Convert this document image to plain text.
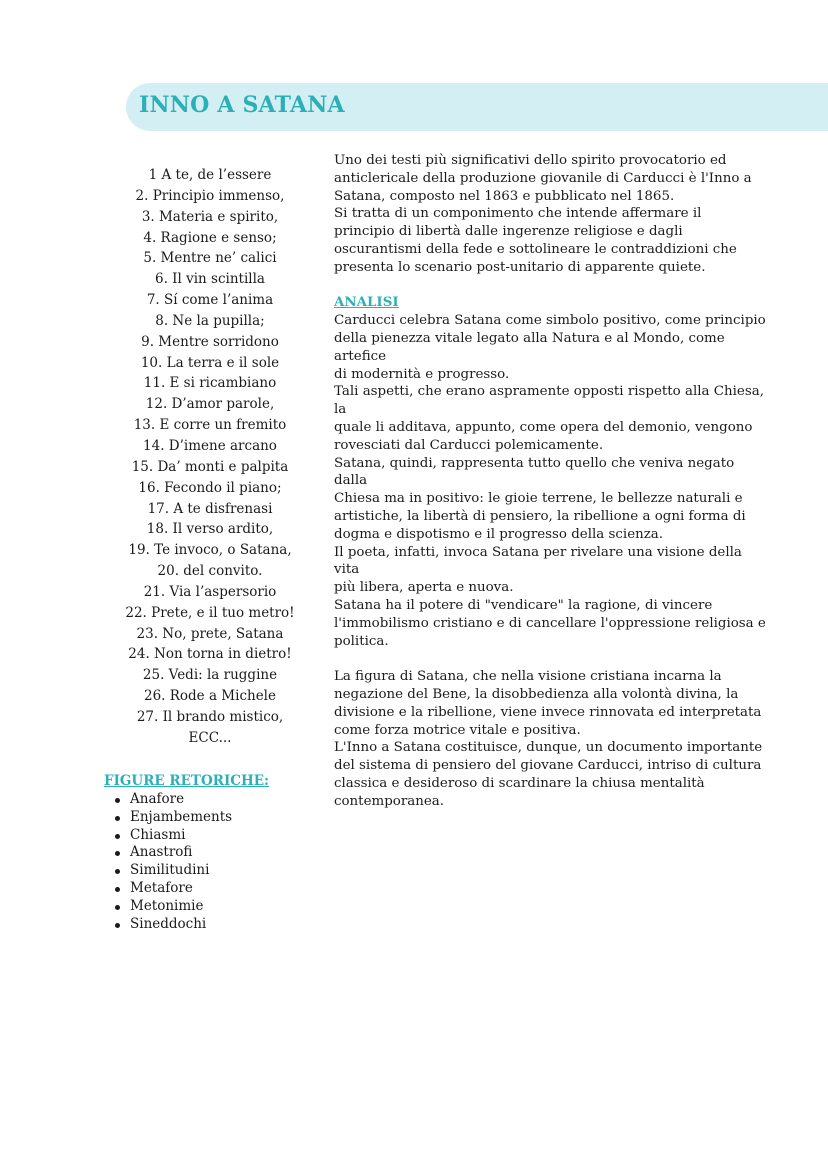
INNO A SATANA
1 A te, de l’essere
2. Principio immenso,
3. Materia e spirito,
4. Ragione e senso;
5. Mentre ne’ calici
6. Il vin scintilla
7. Sí come l’anima
8. Ne la pupilla;
9. Mentre sorridono
10. La terra e il sole
11. E si ricambiano
12. D’amor parole,
13. E corre un fremito
14. D’imene arcano
15. Da’ monti e palpita
16. Fecondo il piano;
17. A te disfrenasi
18. Il verso ardito,
19. Te invoco, o Satana,
20. del convito.
21. Via l’aspersorio
22. Prete, e il tuo metro!
23. No, prete, Satana
24. Non torna in dietro!
25. Vedi: la ruggine
26. Rode a Michele
27. Il brando mistico,
ECC...
FIGURE RETORICHE:
Anafore
Enjambements
Chiasmi
Anastrofi
Similitudini
Metafore
Metonimie
Sineddochi

Uno dei testi più significativi dello spirito provocatorio ed

anticlericale della produzione giovanile di Carducci è l'Inno a

Satana, composto nel 1863 e pubblicato nel 1865.

Si tratta di un componimento che intende affermare il

principio di libertà dalle ingerenze religiose e dagli

oscurantismi della fede e sottolineare le contraddizioni che

presenta lo scenario post-unitario di apparente quiete.

ANALISI

Carducci celebra Satana come simbolo positivo, come principio

della pienezza vitale legato alla Natura e al Mondo, come artefice

di modernità e progresso.

Tali aspetti, che erano aspramente opposti rispetto alla Chiesa, la

quale li additava, appunto, come opera del demonio, vengono

rovesciati dal Carducci polemicamente.

Satana, quindi, rappresenta tutto quello che veniva negato dalla

Chiesa ma in positivo: le gioie terrene, le bellezze naturali e

artistiche, la libertà di pensiero, la ribellione a ogni forma di

dogma e dispotismo e il progresso della scienza.

Il poeta, infatti, invoca Satana per rivelare una visione della vita

più libera, aperta e nuova.

Satana ha il potere di "vendicare" la ragione, di vincere

l'immobilismo cristiano e di cancellare l'oppressione religiosa e

politica.

La figura di Satana, che nella visione cristiana incarna la

negazione del Bene, la disobbedienza alla volontà divina, la

divisione e la ribellione, viene invece rinnovata ed interpretata

come forza motrice vitale e positiva.

L'Inno a Satana costituisce, dunque, un documento importante

del sistema di pensiero del giovane Carducci, intriso di cultura

classica e desideroso di scardinare la chiusa mentalità

contemporanea.
